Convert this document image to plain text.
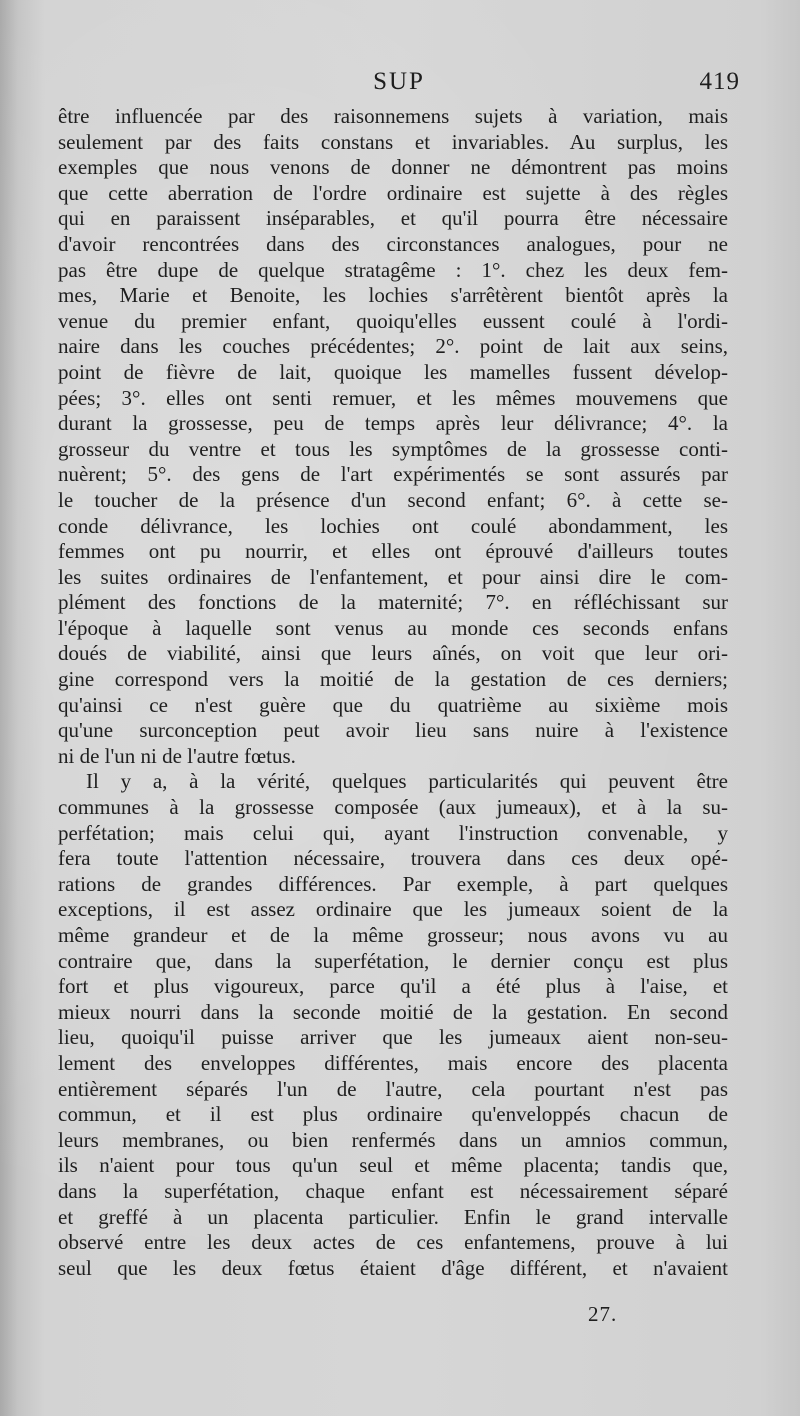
SUP	419
être influencée par des raisonnemens sujets à variation, mais
seulement par des faits constans et invariables. Au surplus, les
exemples que nous venons de donner ne démontrent pas moins
que cette aberration de l'ordre ordinaire est sujette à des règles
qui en paraissent inséparables, et qu'il pourra être nécessaire
d'avoir rencontrées dans des circonstances analogues, pour ne
pas être dupe de quelque stratagême : 1°. chez les deux fem-
mes, Marie et Benoite, les lochies s'arrêtèrent bientôt après la
venue du premier enfant, quoiqu'elles eussent coulé à l'ordi-
naire dans les couches précédentes; 2°. point de lait aux seins,
point de fièvre de lait, quoique les mamelles fussent dévelop-
pées; 3°. elles ont senti remuer, et les mêmes mouvemens que
durant la grossesse, peu de temps après leur délivrance; 4°. la
grosseur du ventre et tous les symptômes de la grossesse conti-
nuèrent; 5°. des gens de l'art expérimentés se sont assurés par
le toucher de la présence d'un second enfant; 6°. à cette se-
conde délivrance, les lochies ont coulé abondamment, les
femmes ont pu nourrir, et elles ont éprouvé d'ailleurs toutes
les suites ordinaires de l'enfantement, et pour ainsi dire le com-
plément des fonctions de la maternité; 7°. en réfléchissant sur
l'époque à laquelle sont venus au monde ces seconds enfans
doués de viabilité, ainsi que leurs aînés, on voit que leur ori-
gine correspond vers la moitié de la gestation de ces derniers;
qu'ainsi ce n'est guère que du quatrième au sixième mois
qu'une surconception peut avoir lieu sans nuire à l'existence
ni de l'un ni de l'autre fœtus.
Il y a, à la vérité, quelques particularités qui peuvent être
communes à la grossesse composée (aux jumeaux), et à la su-
perfétation; mais celui qui, ayant l'instruction convenable, y
fera toute l'attention nécessaire, trouvera dans ces deux opé-
rations de grandes différences. Par exemple, à part quelques
exceptions, il est assez ordinaire que les jumeaux soient de la
même grandeur et de la même grosseur; nous avons vu au
contraire que, dans la superfétation, le dernier conçu est plus
fort et plus vigoureux, parce qu'il a été plus à l'aise, et
mieux nourri dans la seconde moitié de la gestation. En second
lieu, quoiqu'il puisse arriver que les jumeaux aient non-seu-
lement des enveloppes différentes, mais encore des placenta
entièrement séparés l'un de l'autre, cela pourtant n'est pas
commun, et il est plus ordinaire qu'enveloppés chacun de
leurs membranes, ou bien renfermés dans un amnios commun,
ils n'aient pour tous qu'un seul et même placenta; tandis que,
dans la superfétation, chaque enfant est nécessairement séparé
et greffé à un placenta particulier. Enfin le grand intervalle
observé entre les deux actes de ces enfantemens, prouve à lui
seul que les deux fœtus étaient d'âge différent, et n'avaient
27.
